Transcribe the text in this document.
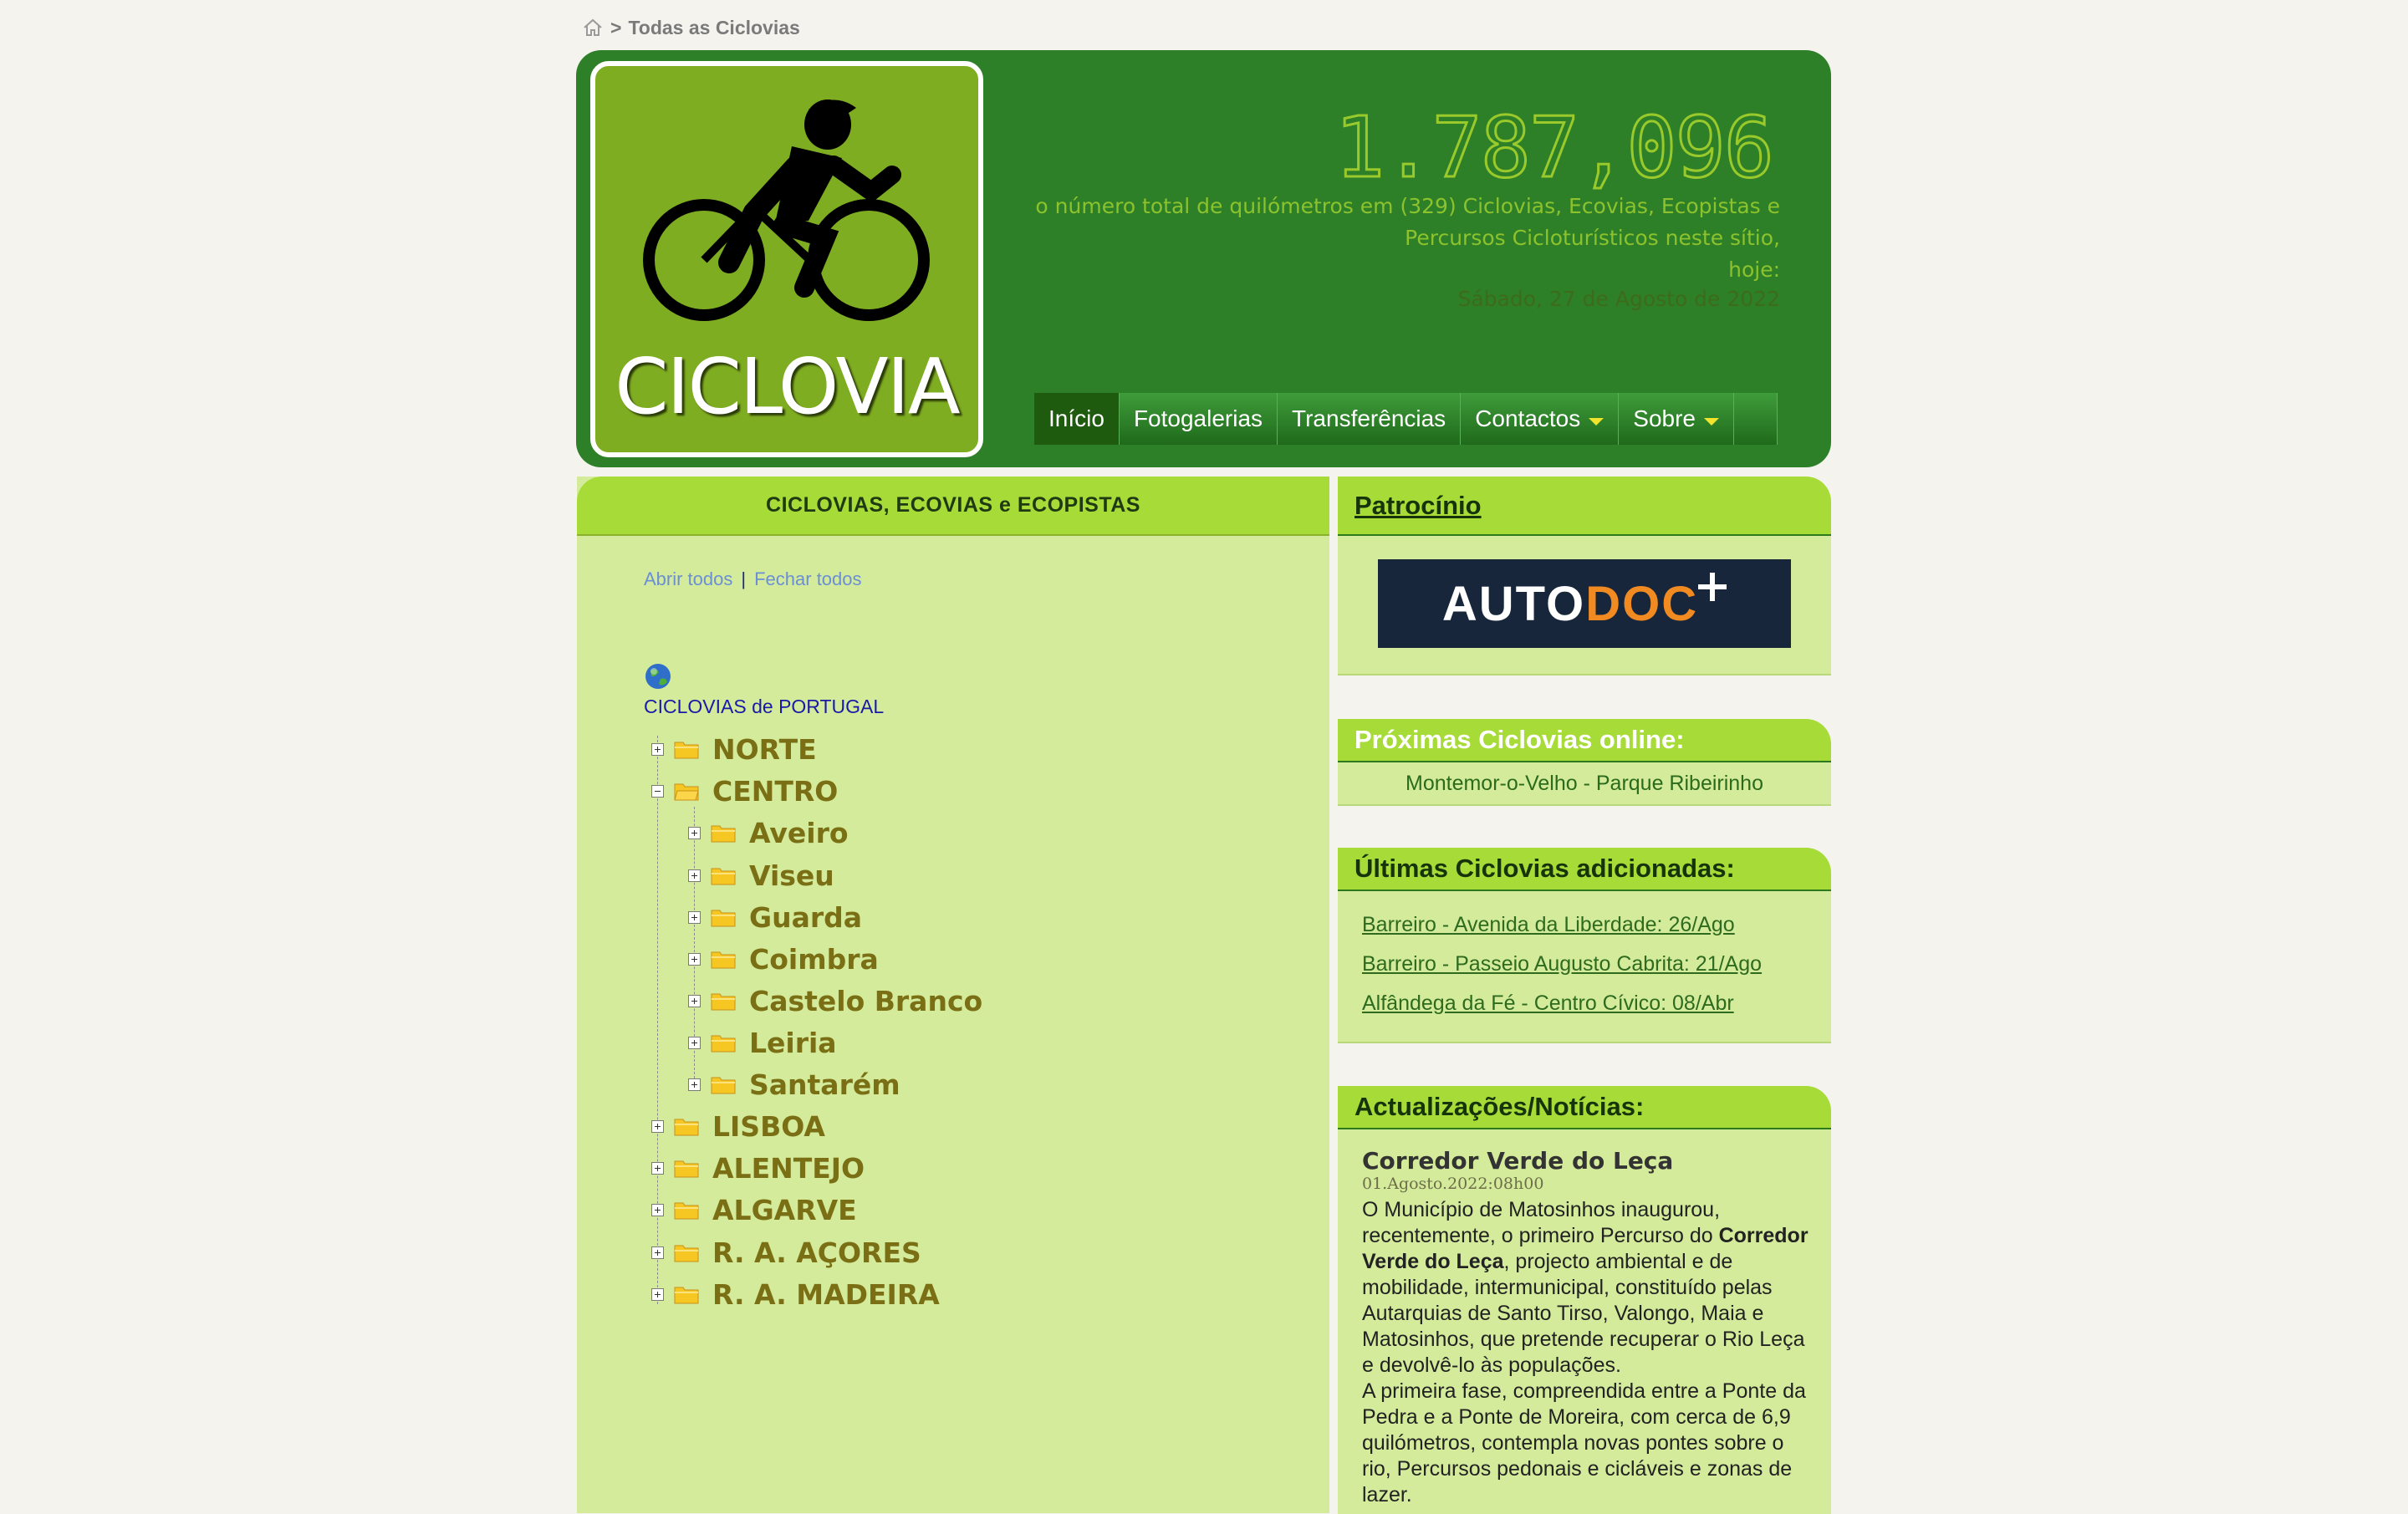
> Todas as Ciclovias
CICLOVIA
1.787,096
o número total de quilómetros em (329) Ciclovias, Ecovias, Ecopistas e
Percursos Cicloturísticos neste sítio,
hoje:
Sábado, 27 de Agosto de 2022
Início Fotogalerias Transferências Contactos Sobre
CICLOVIAS, ECOVIAS e ECOPISTAS
Abrir todos | Fechar todos
CICLOVIAS de PORTUGAL
NORTE
CENTRO
Aveiro
Viseu
Guarda
Coimbra
Castelo Branco
Leiria
Santarém
LISBOA
ALENTEJO
ALGARVE
R. A. AÇORES
R. A. MADEIRA
Patrocínio
AUTO DOC
Próximas Ciclovias online:
Montemor-o-Velho - Parque Ribeirinho
Últimas Ciclovias adicionadas:
Barreiro - Avenida da Liberdade: 26/Ago
Barreiro - Passeio Augusto Cabrita: 21/Ago
Alfândega da Fé - Centro Cívico: 08/Abr
Actualizações/Notícias:
Corredor Verde do Leça
01.Agosto.2022:08h00
O Município de Matosinhos inaugurou, recentemente, o primeiro Percurso do Corredor Verde do Leça, projecto ambiental e de mobilidade, intermunicipal, constituído pelas Autarquias de Santo Tirso, Valongo, Maia e Matosinhos, que pretende recuperar o Rio Leça e devolvê-lo às populações.
A primeira fase, compreendida entre a Ponte da Pedra e a Ponte de Moreira, com cerca de 6,9 quilómetros, contempla novas pontes sobre o rio, Percursos pedonais e cicláveis e zonas de lazer.
